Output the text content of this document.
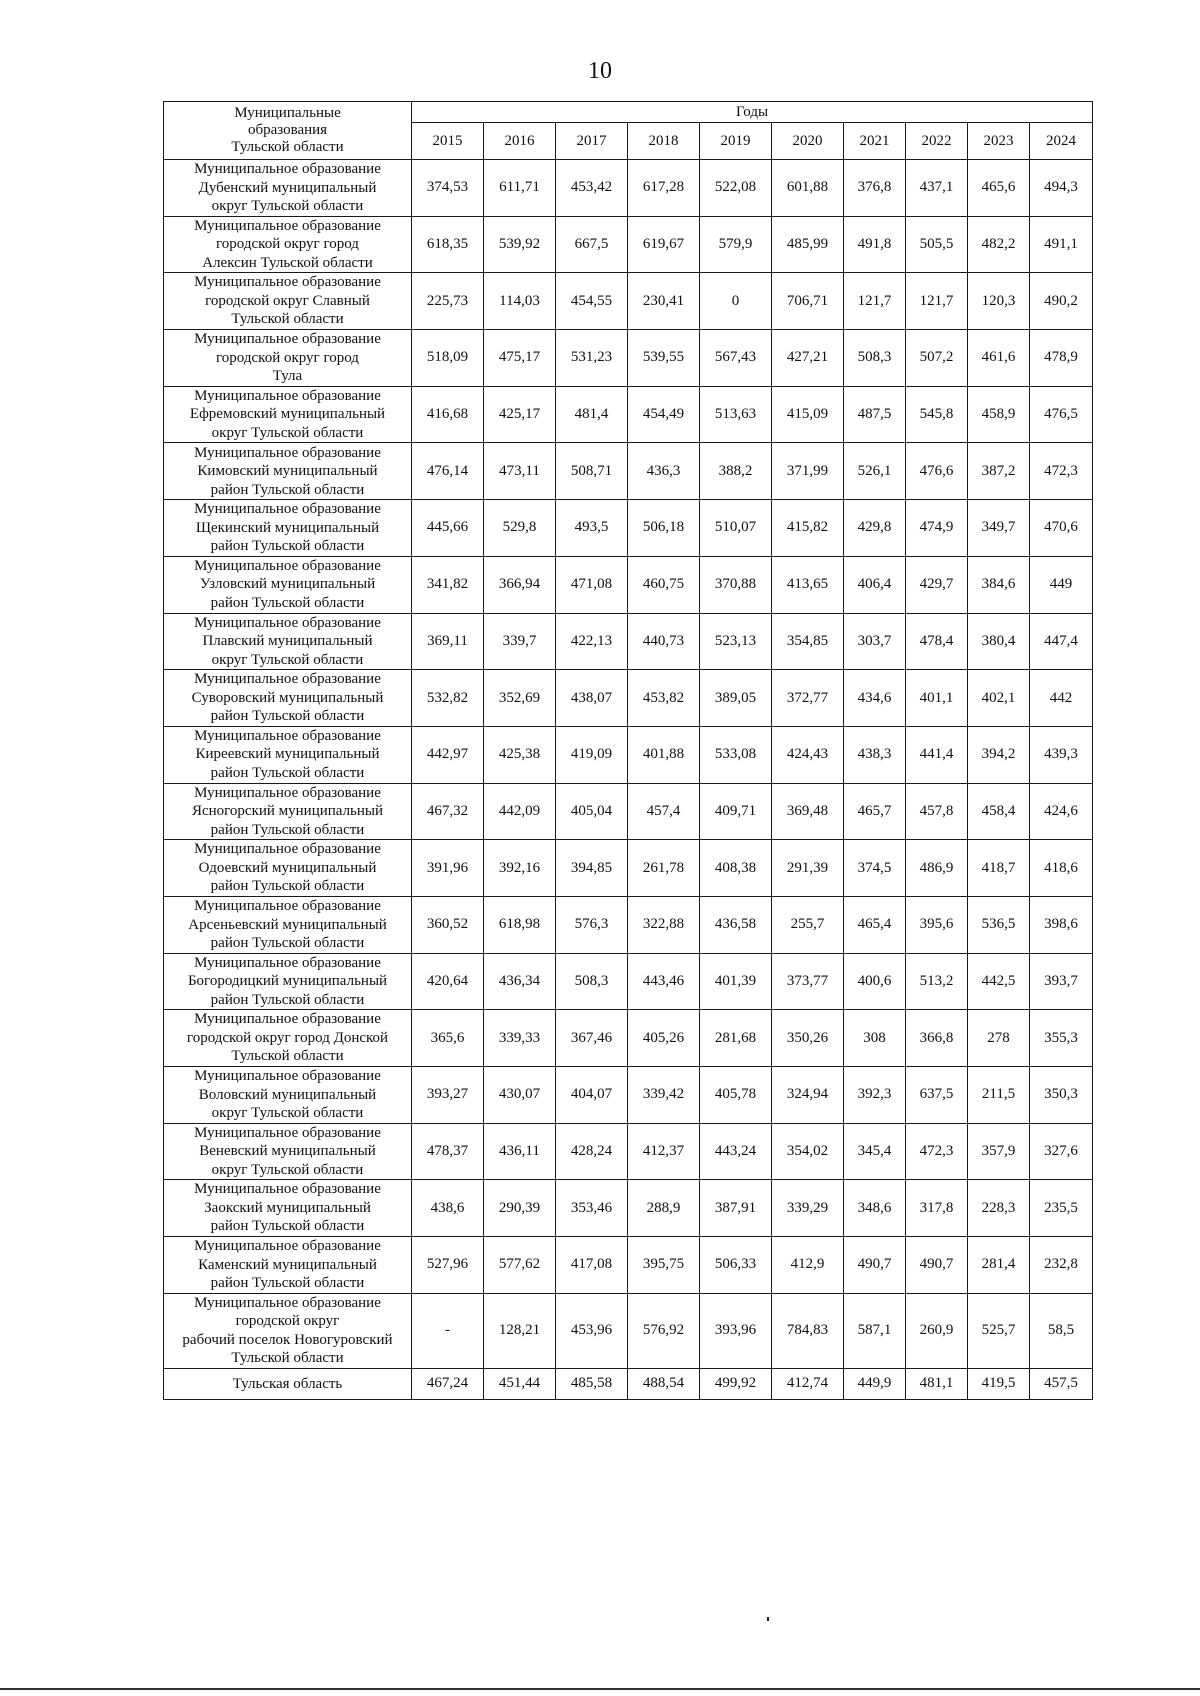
10
Муниципальные
образования
Тульской области	Годы									
	2015	2016	2017	2018	2019	2020	2021	2022	2023	2024
Муниципальное образование
Дубенский муниципальный
округ Тульской области	374,53	611,71	453,42	617,28	522,08	601,88	376,8	437,1	465,6	494,3
Муниципальное образование
городской округ город
Алексин Тульской области	618,35	539,92	667,5	619,67	579,9	485,99	491,8	505,5	482,2	491,1
Муниципальное образование
городской округ Славный
Тульской области	225,73	114,03	454,55	230,41	0	706,71	121,7	121,7	120,3	490,2
Муниципальное образование
городской округ город
Тула	518,09	475,17	531,23	539,55	567,43	427,21	508,3	507,2	461,6	478,9
Муниципальное образование
Ефремовский муниципальный
округ Тульской области	416,68	425,17	481,4	454,49	513,63	415,09	487,5	545,8	458,9	476,5
Муниципальное образование
Кимовский муниципальный
район Тульской области	476,14	473,11	508,71	436,3	388,2	371,99	526,1	476,6	387,2	472,3
Муниципальное образование
Щекинский муниципальный
район Тульской области	445,66	529,8	493,5	506,18	510,07	415,82	429,8	474,9	349,7	470,6
Муниципальное образование
Узловский муниципальный
район Тульской области	341,82	366,94	471,08	460,75	370,88	413,65	406,4	429,7	384,6	449
Муниципальное образование
Плавский муниципальный
округ Тульской области	369,11	339,7	422,13	440,73	523,13	354,85	303,7	478,4	380,4	447,4
Муниципальное образование
Суворовский муниципальный
район Тульской области	532,82	352,69	438,07	453,82	389,05	372,77	434,6	401,1	402,1	442
Муниципальное образование
Киреевский муниципальный
район Тульской области	442,97	425,38	419,09	401,88	533,08	424,43	438,3	441,4	394,2	439,3
Муниципальное образование
Ясногорский муниципальный
район Тульской области	467,32	442,09	405,04	457,4	409,71	369,48	465,7	457,8	458,4	424,6
Муниципальное образование
Одоевский муниципальный
район Тульской области	391,96	392,16	394,85	261,78	408,38	291,39	374,5	486,9	418,7	418,6
Муниципальное образование
Арсеньевский муниципальный
район Тульской области	360,52	618,98	576,3	322,88	436,58	255,7	465,4	395,6	536,5	398,6
Муниципальное образование
Богородицкий муниципальный
район Тульской области	420,64	436,34	508,3	443,46	401,39	373,77	400,6	513,2	442,5	393,7
Муниципальное образование
городской округ город Донской
Тульской области	365,6	339,33	367,46	405,26	281,68	350,26	308	366,8	278	355,3
Муниципальное образование
Воловский муниципальный
округ Тульской области	393,27	430,07	404,07	339,42	405,78	324,94	392,3	637,5	211,5	350,3
Муниципальное образование
Веневский муниципальный
округ Тульской области	478,37	436,11	428,24	412,37	443,24	354,02	345,4	472,3	357,9	327,6
Муниципальное образование
Заокский муниципальный
район Тульской области	438,6	290,39	353,46	288,9	387,91	339,29	348,6	317,8	228,3	235,5
Муниципальное образование
Каменский муниципальный
район Тульской области	527,96	577,62	417,08	395,75	506,33	412,9	490,7	490,7	281,4	232,8
Муниципальное образование
городской округ
рабочий поселок Новогуровский
Тульской области	-	128,21	453,96	576,92	393,96	784,83	587,1	260,9	525,7	58,5
Тульская область	467,24	451,44	485,58	488,54	499,92	412,74	449,9	481,1	419,5	457,5
